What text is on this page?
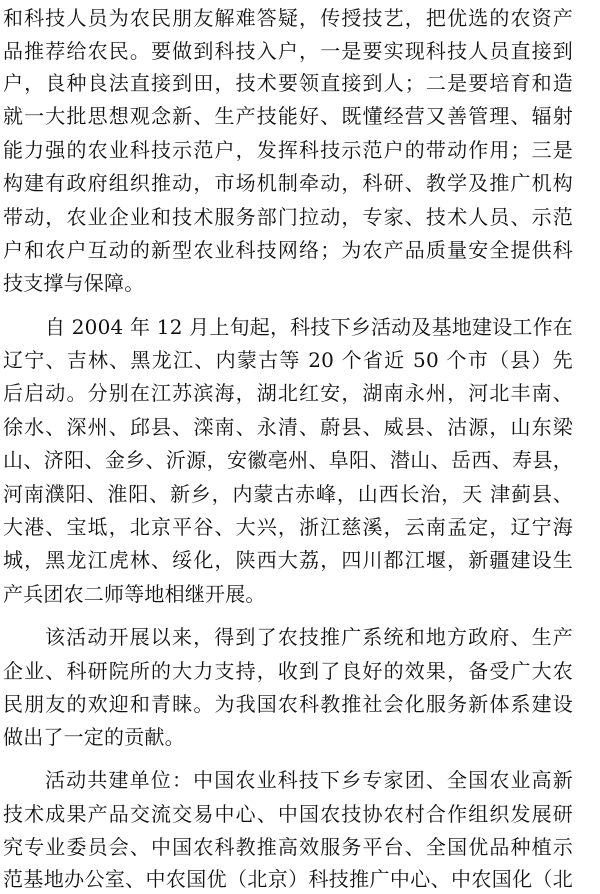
和科技人员为农民朋友解难答疑，传授技艺，把优选的农资产
品推荐给农民。要做到科技入户，一是要实现科技人员直接到
户，良种良法直接到田，技术要领直接到人；二是要培育和造
就一大批思想观念新、生产技能好、既懂经营又善管理、辐射
能力强的农业科技示范户，发挥科技示范户的带动作用；三是
构建有政府组织推动，市场机制牵动，科研、教学及推广机构
带动，农业企业和技术服务部门拉动，专家、技术人员、示范
户和农户互动的新型农业科技网络；为农产品质量安全提供科
技支撑与保障。
自 2004 年 12 月上旬起，科技下乡活动及基地建设工作在
辽宁、吉林、黑龙江、内蒙古等 20 个省近 50 个市（县）先
后启动。分别在江苏滨海，湖北红安，湖南永州，河北丰南、
徐水、深州、邱县、滦南、永清、蔚县、威县、沽源，山东梁
山、济阳、金乡、沂源，安徽亳州、阜阳、潜山、岳西、寿县，
河南濮阳、淮阳、新乡，内蒙古赤峰，山西长治，天 津蓟县、
大港、宝坻，北京平谷、大兴，浙江慈溪，云南孟定，辽宁海
城，黑龙江虎林、绥化，陕西大荔，四川都江堰，新疆建设生
产兵团农二师等地相继开展。
该活动开展以来，得到了农技推广系统和地方政府、生产
企业、科研院所的大力支持，收到了良好的效果，备受广大农
民朋友的欢迎和青睐。为我国农科教推社会化服务新体系建设
做出了一定的贡献。
活动共建单位：中国农业科技下乡专家团、全国农业高新
技术成果产品交流交易中心、中国农技协农村合作组织发展研
究专业委员会、中国农科教推高效服务平台、全国优品种植示
范基地办公室、中农国优（北京）科技推广中心、中农国化（北
